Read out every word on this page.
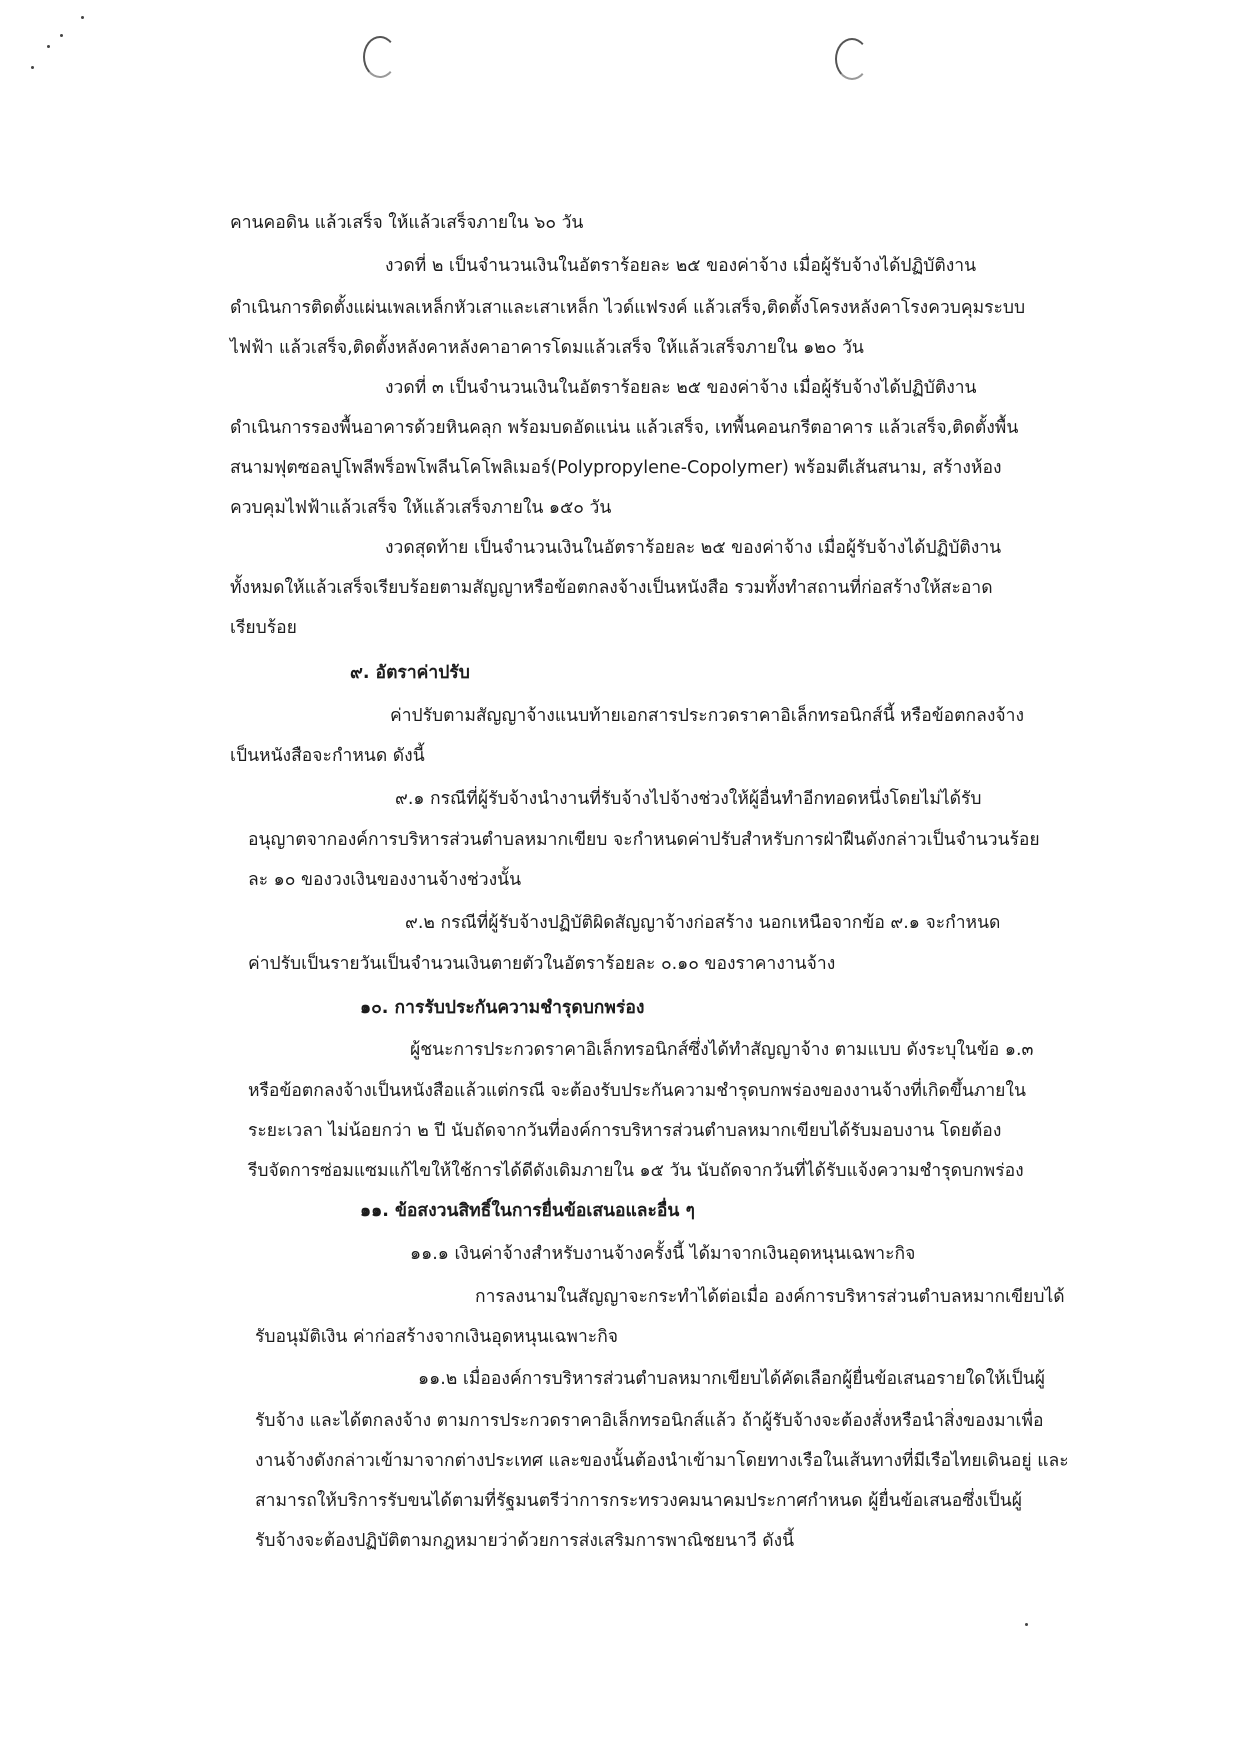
คานคอดิน แล้วเสร็จ ให้แล้วเสร็จภายใน ๖๐ วัน
งวดที่ ๒ เป็นจำนวนเงินในอัตราร้อยละ ๒๕ ของค่าจ้าง เมื่อผู้รับจ้างได้ปฏิบัติงาน
ดำเนินการติดตั้งแผ่นเพลเหล็กหัวเสาและเสาเหล็ก ไวด์แฟรงค์ แล้วเสร็จ,ติดตั้งโครงหลังคาโรงควบคุมระบบ
ไฟฟ้า แล้วเสร็จ,ติดตั้งหลังคาหลังคาอาคารโดมแล้วเสร็จ ให้แล้วเสร็จภายใน ๑๒๐ วัน
งวดที่ ๓ เป็นจำนวนเงินในอัตราร้อยละ ๒๕ ของค่าจ้าง เมื่อผู้รับจ้างได้ปฏิบัติงาน
ดำเนินการรองพื้นอาคารด้วยหินคลุก พร้อมบดอัดแน่น แล้วเสร็จ, เทพื้นคอนกรีตอาคาร แล้วเสร็จ,ติดตั้งพื้น
สนามฟุตซอลปูโพลีพร็อพโพลีนโคโพลิเมอร์(Polypropylene-Copolymer) พร้อมตีเส้นสนาม, สร้างห้อง
ควบคุมไฟฟ้าแล้วเสร็จ ให้แล้วเสร็จภายใน ๑๕๐ วัน
งวดสุดท้าย เป็นจำนวนเงินในอัตราร้อยละ ๒๕ ของค่าจ้าง เมื่อผู้รับจ้างได้ปฏิบัติงาน
ทั้งหมดให้แล้วเสร็จเรียบร้อยตามสัญญาหรือข้อตกลงจ้างเป็นหนังสือ รวมทั้งทำสถานที่ก่อสร้างให้สะอาด
เรียบร้อย
๙. อัตราค่าปรับ
ค่าปรับตามสัญญาจ้างแนบท้ายเอกสารประกวดราคาอิเล็กทรอนิกส์นี้ หรือข้อตกลงจ้าง
เป็นหนังสือจะกำหนด ดังนี้
๙.๑ กรณีที่ผู้รับจ้างนำงานที่รับจ้างไปจ้างช่วงให้ผู้อื่นทำอีกทอดหนึ่งโดยไม่ได้รับ
อนุญาตจากองค์การบริหารส่วนตำบลหมากเขียบ จะกำหนดค่าปรับสำหรับการฝ่าฝืนดังกล่าวเป็นจำนวนร้อย
ละ ๑๐ ของวงเงินของงานจ้างช่วงนั้น
๙.๒ กรณีที่ผู้รับจ้างปฏิบัติผิดสัญญาจ้างก่อสร้าง นอกเหนือจากข้อ ๙.๑ จะกำหนด
ค่าปรับเป็นรายวันเป็นจำนวนเงินตายตัวในอัตราร้อยละ ๐.๑๐ ของราคางานจ้าง
๑๐. การรับประกันความชำรุดบกพร่อง
ผู้ชนะการประกวดราคาอิเล็กทรอนิกส์ซึ่งได้ทำสัญญาจ้าง ตามแบบ ดังระบุในข้อ ๑.๓
หรือข้อตกลงจ้างเป็นหนังสือแล้วแต่กรณี จะต้องรับประกันความชำรุดบกพร่องของงานจ้างที่เกิดขึ้นภายใน
ระยะเวลา ไม่น้อยกว่า ๒ ปี นับถัดจากวันที่องค์การบริหารส่วนตำบลหมากเขียบได้รับมอบงาน โดยต้อง
รีบจัดการซ่อมแซมแก้ไขให้ใช้การได้ดีดังเดิมภายใน ๑๕ วัน นับถัดจากวันที่ได้รับแจ้งความชำรุดบกพร่อง
๑๑. ข้อสงวนสิทธิ์ในการยื่นข้อเสนอและอื่น ๆ
๑๑.๑ เงินค่าจ้างสำหรับงานจ้างครั้งนี้ ได้มาจากเงินอุดหนุนเฉพาะกิจ
การลงนามในสัญญาจะกระทำได้ต่อเมื่อ องค์การบริหารส่วนตำบลหมากเขียบได้
รับอนุมัติเงิน ค่าก่อสร้างจากเงินอุดหนุนเฉพาะกิจ
๑๑.๒ เมื่อองค์การบริหารส่วนตำบลหมากเขียบได้คัดเลือกผู้ยื่นข้อเสนอรายใดให้เป็นผู้
รับจ้าง และได้ตกลงจ้าง ตามการประกวดราคาอิเล็กทรอนิกส์แล้ว ถ้าผู้รับจ้างจะต้องสั่งหรือนำสิ่งของมาเพื่อ
งานจ้างดังกล่าวเข้ามาจากต่างประเทศ และของนั้นต้องนำเข้ามาโดยทางเรือในเส้นทางที่มีเรือไทยเดินอยู่ และ
สามารถให้บริการรับขนได้ตามที่รัฐมนตรีว่าการกระทรวงคมนาคมประกาศกำหนด ผู้ยื่นข้อเสนอซึ่งเป็นผู้
รับจ้างจะต้องปฏิบัติตามกฎหมายว่าด้วยการส่งเสริมการพาณิชยนาวี ดังนี้
